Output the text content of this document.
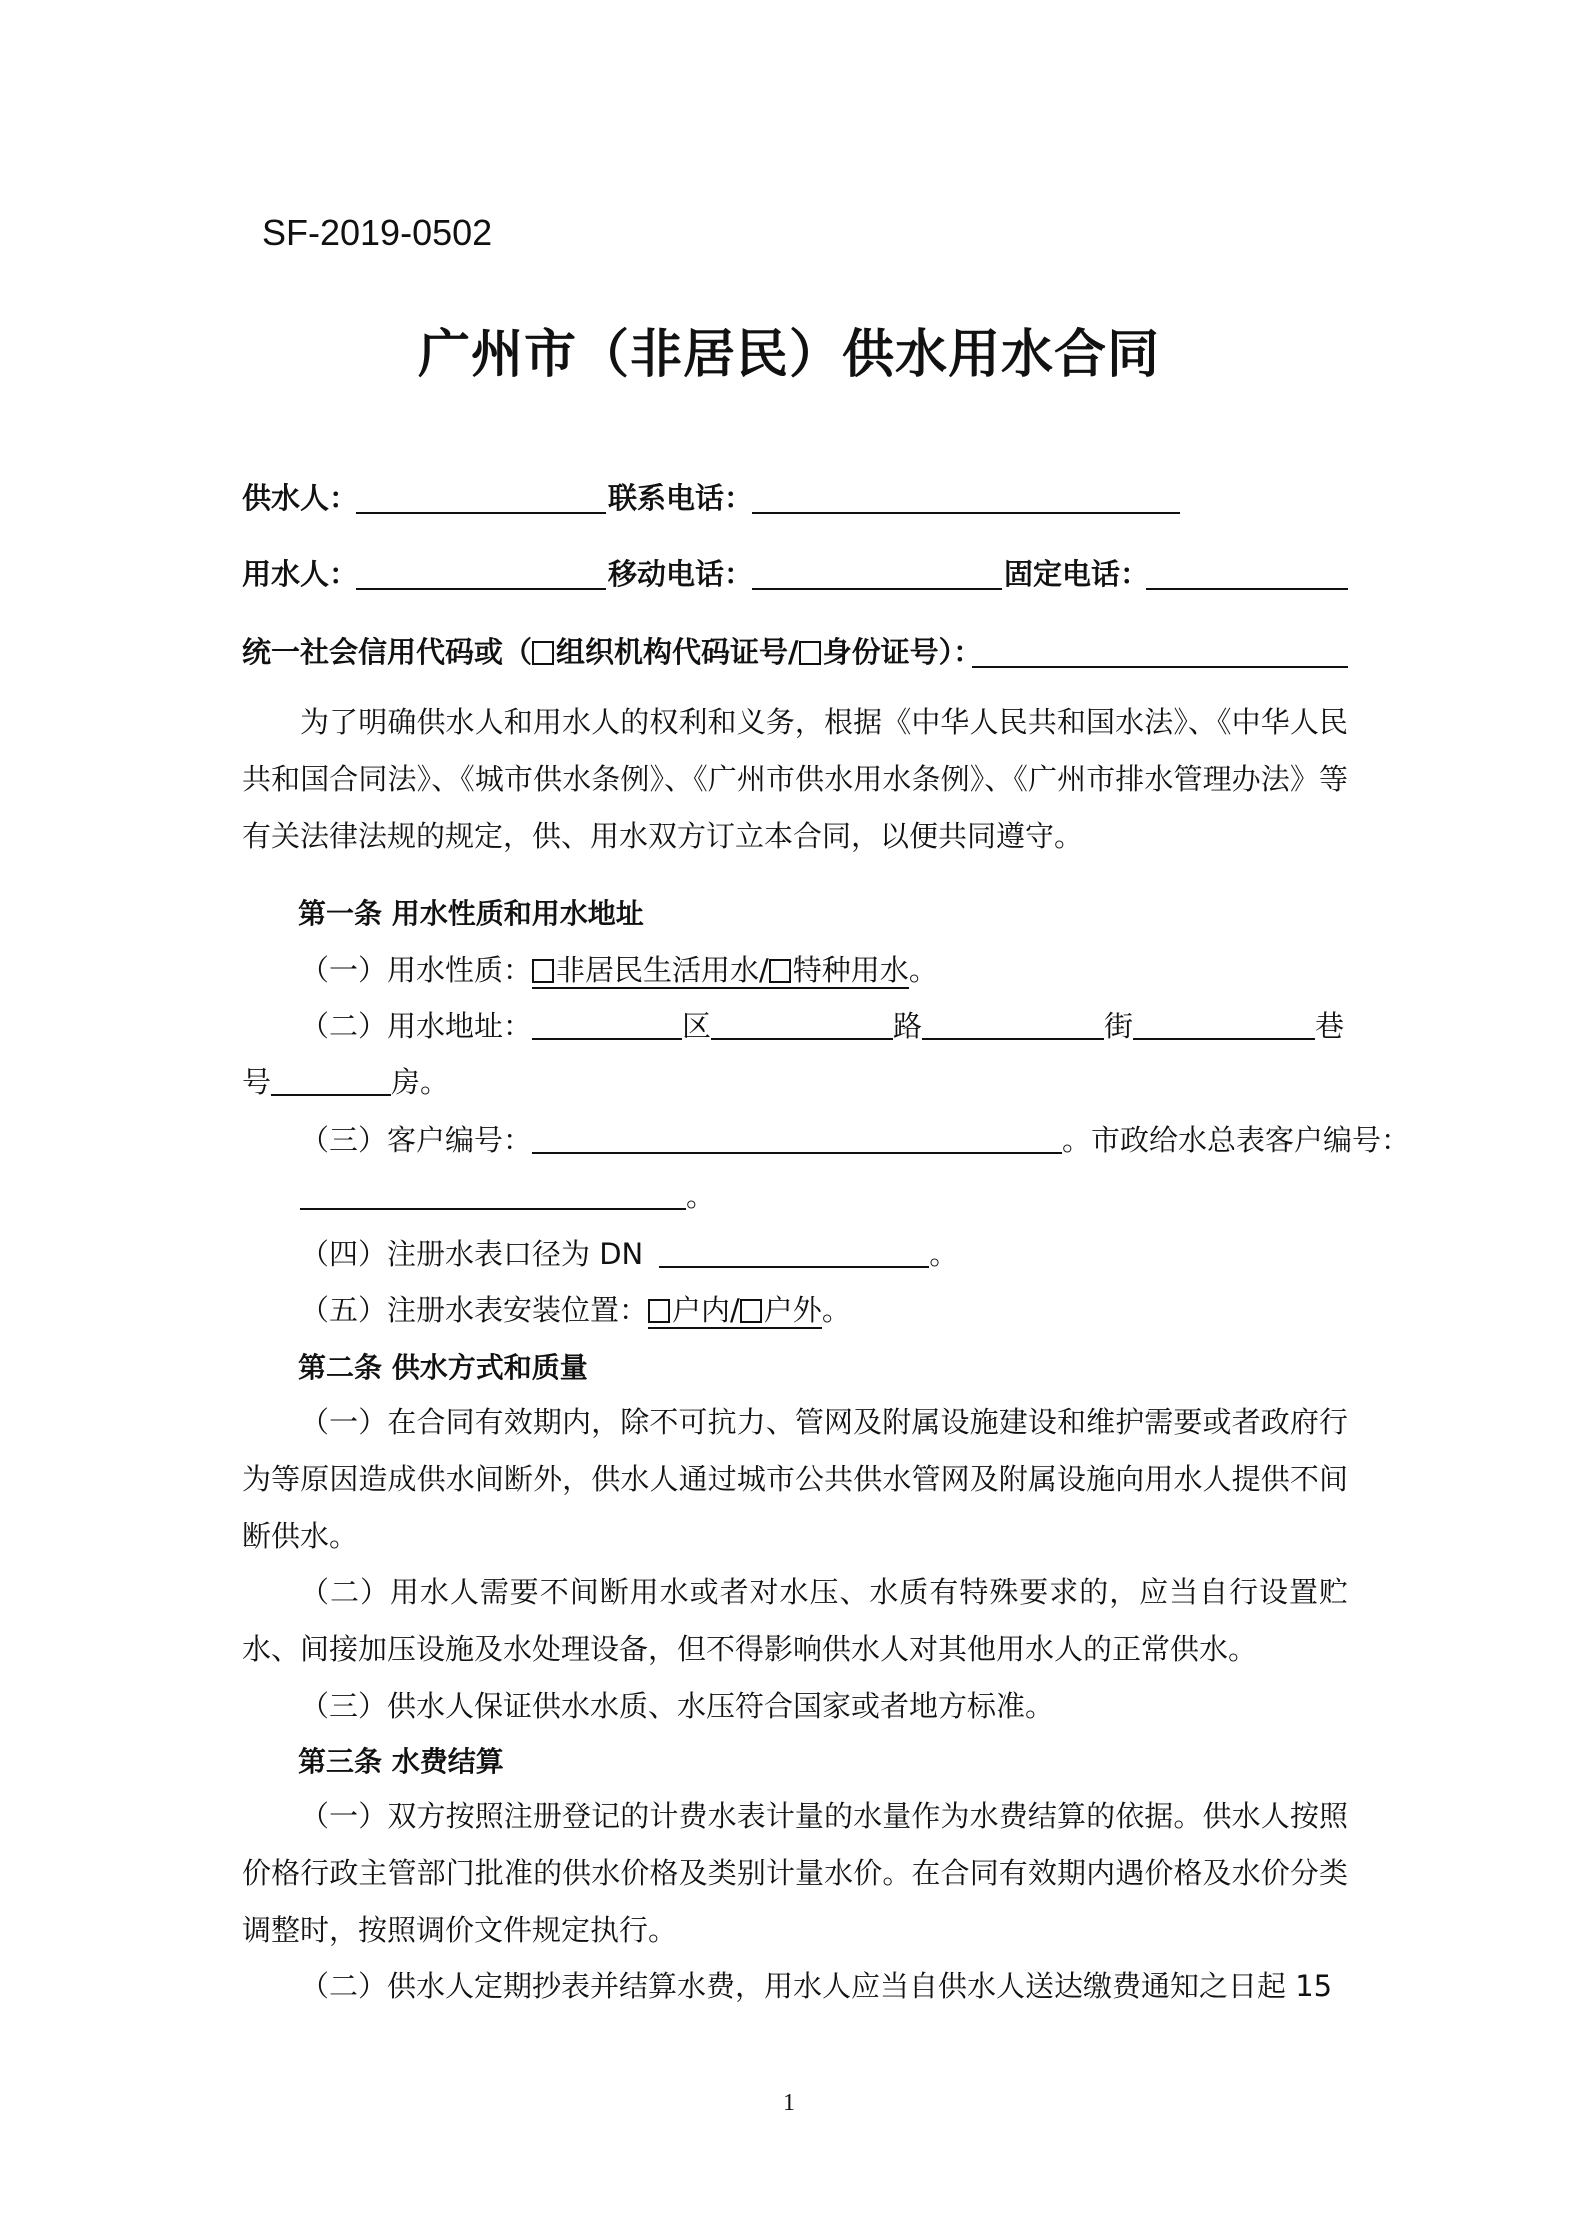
SF-2019-0502
广州市（非居民）供水用水合同
供水人：	联系电话：
用水人：	移动电话：	固定电话：
统一社会信用代码或（ 组织机构代码证号/ 身份证号）：
为了明确供水人和用水人的权利和义务，根据《中华人民共和国水法》、《中华人民共和国合同法》、《城市供水条例》、《广州市供水用水条例》、《广州市排水管理办法》等有关法律法规的规定，供、用水双方订立本合同，以便共同遵守。
第一条 用水性质和用水地址
（一）用水性质： 非居民生活用水/ 特种用水。
（二）用水地址：	区	路	街	巷
号	房。
（三）客户编号：	。市政给水总表客户编号：
。
（四）注册水表口径为 DN	。
（五）注册水表安装位置： 户内/ 户外。
第二条 供水方式和质量
（一）在合同有效期内，除不可抗力、管网及附属设施建设和维护需要或者政府行为等原因造成供水间断外，供水人通过城市公共供水管网及附属设施向用水人提供不间断供水。
（二）用水人需要不间断用水或者对水压、水质有特殊要求的，应当自行设置贮水、间接加压设施及水处理设备，但不得影响供水人对其他用水人的正常供水。
（三）供水人保证供水水质、水压符合国家或者地方标准。
第三条 水费结算
（一）双方按照注册登记的计费水表计量的水量作为水费结算的依据。供水人按照价格行政主管部门批准的供水价格及类别计量水价。在合同有效期内遇价格及水价分类调整时，按照调价文件规定执行。
（二）供水人定期抄表并结算水费，用水人应当自供水人送达缴费通知之日起 15
1
